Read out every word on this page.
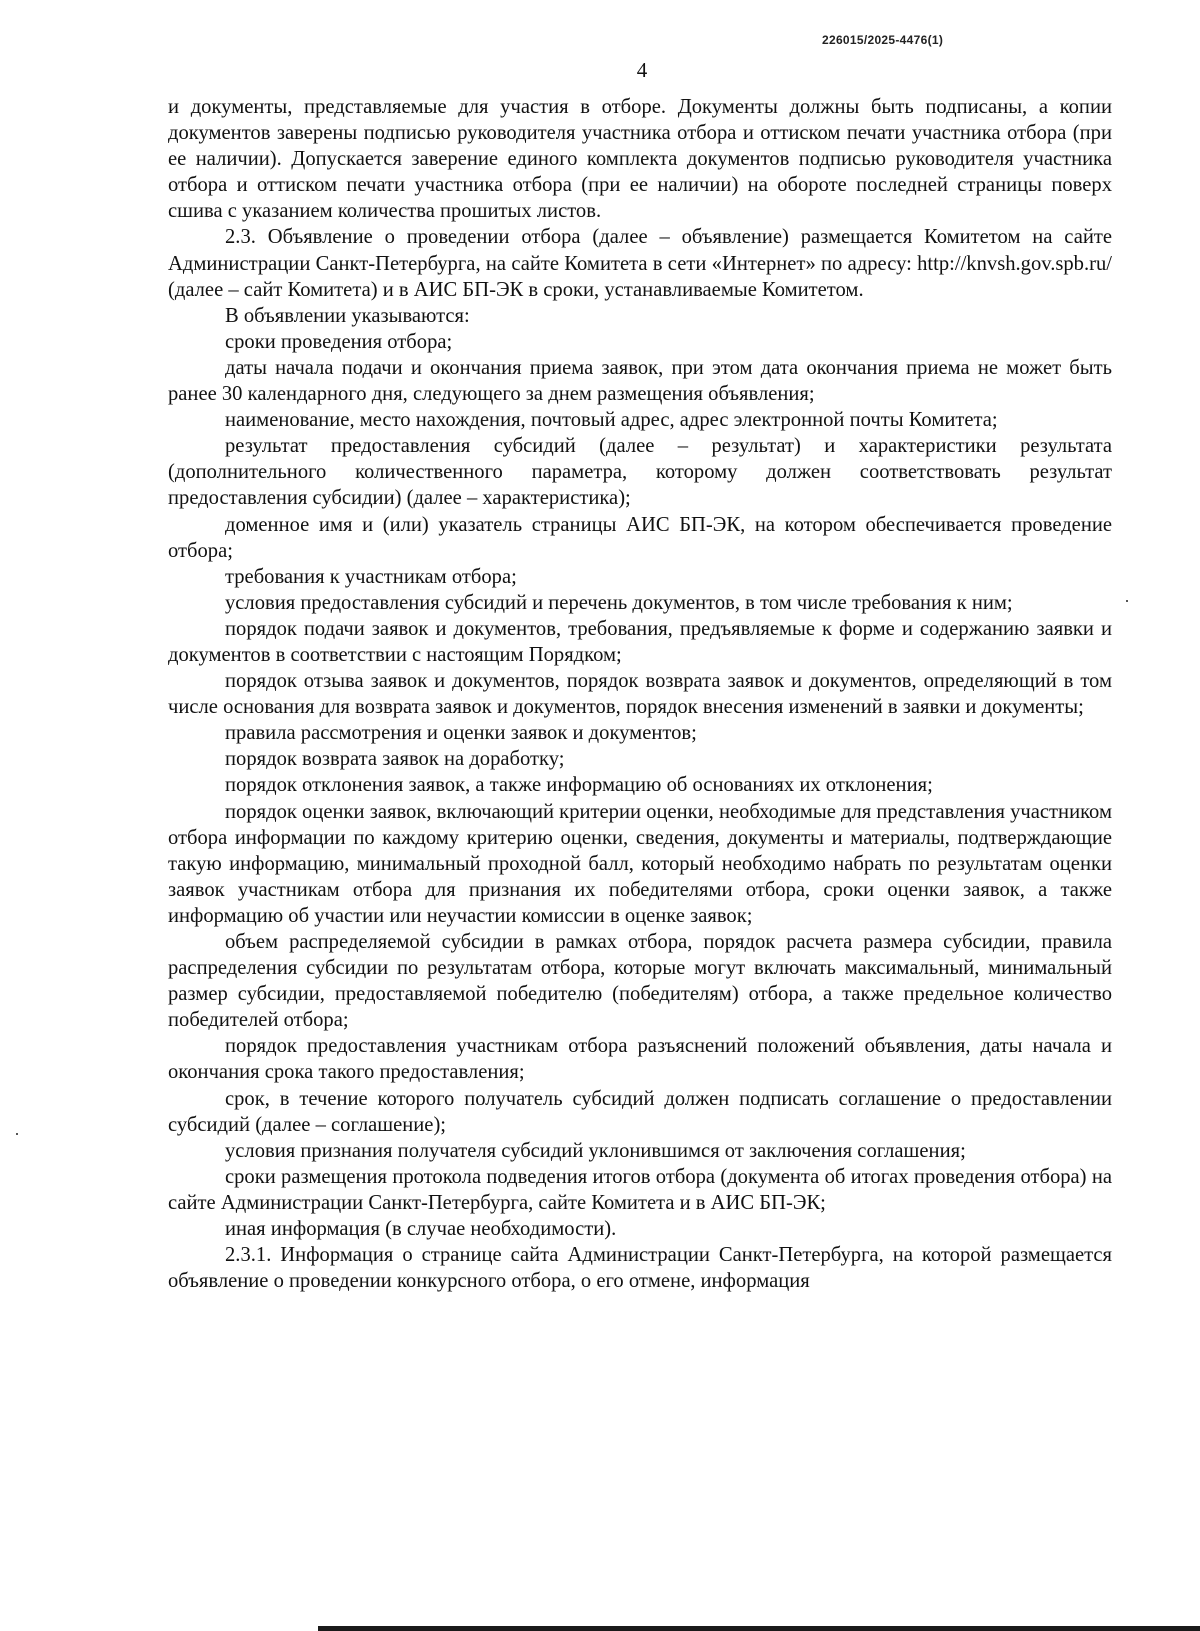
226015/2025-4476(1)
4

и документы, представляемые для участия в отборе. Документы должны быть подписаны, а копии документов заверены подписью руководителя участника отбора и оттиском печати участника отбора (при ее наличии). Допускается заверение единого комплекта документов подписью руководителя участника отбора и оттиском печати участника отбора (при ее наличии) на обороте последней страницы поверх сшива с указанием количества прошитых листов.

2.3. Объявление о проведении отбора (далее – объявление) размещается Комитетом на сайте Администрации Санкт-Петербурга, на сайте Комитета в сети «Интернет» по адресу: http://knvsh.gov.spb.ru/ (далее – сайт Комитета) и в АИС БП-ЭК в сроки, устанавливаемые Комитетом.

В объявлении указываются:

сроки проведения отбора;

даты начала подачи и окончания приема заявок, при этом дата окончания приема не может быть ранее 30 календарного дня, следующего за днем размещения объявления;

наименование, место нахождения, почтовый адрес, адрес электронной почты Комитета;

результат предоставления субсидий (далее – результат) и характеристики результата (дополнительного количественного параметра, которому должен соответствовать результат предоставления субсидии) (далее – характеристика);

доменное имя и (или) указатель страницы АИС БП-ЭК, на котором обеспечивается проведение отбора;

требования к участникам отбора;

условия предоставления субсидий и перечень документов, в том числе требования к ним;

порядок подачи заявок и документов, требования, предъявляемые к форме и содержанию заявки и документов в соответствии с настоящим Порядком;

порядок отзыва заявок и документов, порядок возврата заявок и документов, определяющий в том числе основания для возврата заявок и документов, порядок внесения изменений в заявки и документы;

правила рассмотрения и оценки заявок и документов;

порядок возврата заявок на доработку;

порядок отклонения заявок, а также информацию об основаниях их отклонения;

порядок оценки заявок, включающий критерии оценки, необходимые для представления участником отбора информации по каждому критерию оценки, сведения, документы и материалы, подтверждающие такую информацию, минимальный проходной балл, который необходимо набрать по результатам оценки заявок участникам отбора для признания их победителями отбора, сроки оценки заявок, а также информацию об участии или неучастии комиссии в оценке заявок;

объем распределяемой субсидии в рамках отбора, порядок расчета размера субсидии, правила распределения субсидии по результатам отбора, которые могут включать максимальный, минимальный размер субсидии, предоставляемой победителю (победителям) отбора, а также предельное количество победителей отбора;

порядок предоставления участникам отбора разъяснений положений объявления, даты начала и окончания срока такого предоставления;

срок, в течение которого получатель субсидий должен подписать соглашение о предоставлении субсидий (далее – соглашение);

условия признания получателя субсидий уклонившимся от заключения соглашения;

сроки размещения протокола подведения итогов отбора (документа об итогах проведения отбора) на сайте Администрации Санкт-Петербурга, сайте Комитета и в АИС БП-ЭК;

иная информация (в случае необходимости).

2.3.1. Информация о странице сайта Администрации Санкт-Петербурга, на которой размещается объявление о проведении конкурсного отбора, о его отмене, информация
